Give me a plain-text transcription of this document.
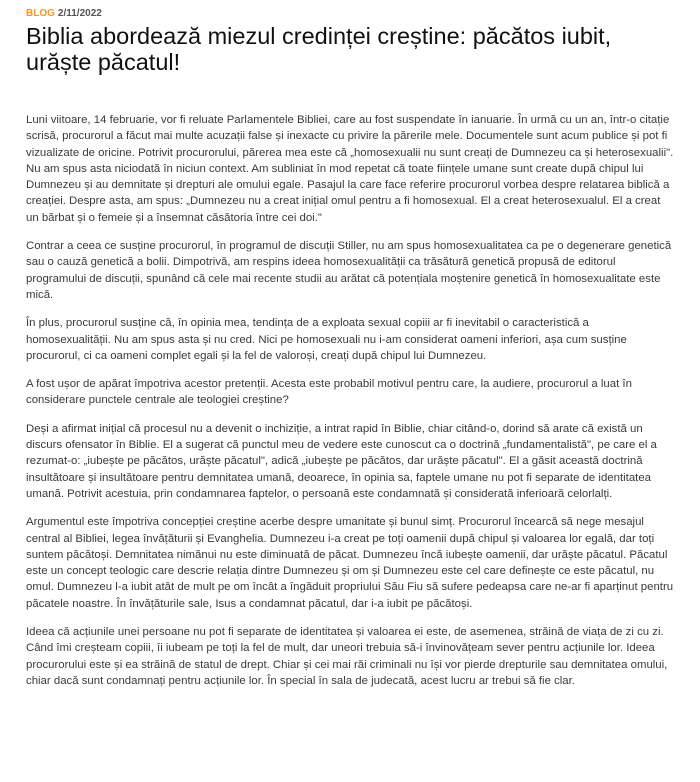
BLOG 2/11/2022
Biblia abordează miezul credinței creștine: păcătos iubit, urăște păcatul!

Luni viitoare, 14 februarie, vor fi reluate Parlamentele Bibliei, care au fost suspendate în ianuarie. În urmă cu un an, într-o citație scrisă, procurorul a făcut mai multe acuzații false și inexacte cu privire la părerile mele. Documentele sunt acum publice și pot fi vizualizate de oricine. Potrivit procurorului, părerea mea este că „homosexualii nu sunt creați de Dumnezeu ca și heterosexualii". Nu am spus asta niciodată în niciun context. Am subliniat în mod repetat că toate ființele umane sunt create după chipul lui Dumnezeu și au demnitate și drepturi ale omului egale. Pasajul la care face referire procurorul vorbea despre relatarea biblică a creației. Despre asta, am spus: „Dumnezeu nu a creat inițial omul pentru a fi homosexual. El a creat heterosexualul. El a creat un bărbat și o femeie și a însemnat căsătoria între cei doi."

Contrar a ceea ce susține procurorul, în programul de discuții Stiller, nu am spus homosexualitatea ca pe o degenerare genetică sau o cauză genetică a bolii. Dimpotrivă, am respins ideea homosexualității ca trăsătură genetică propusă de editorul programului de discuții, spunând că cele mai recente studii au arătat că potențiala moștenire genetică în homosexualitate este mică.

În plus, procurorul susține că, în opinia mea, tendința de a exploata sexual copiii ar fi inevitabil o caracteristică a homosexualității. Nu am spus asta și nu cred. Nici pe homosexuali nu i-am considerat oameni inferiori, așa cum susține procurorul, ci ca oameni complet egali și la fel de valoroși, creați după chipul lui Dumnezeu.

A fost ușor de apărat împotriva acestor pretenții. Acesta este probabil motivul pentru care, la audiere, procurorul a luat în considerare punctele centrale ale teologiei creștine?

Deși a afirmat inițial că procesul nu a devenit o inchiziție, a intrat rapid în Biblie, chiar citând-o, dorind să arate că există un discurs ofensator în Biblie. El a sugerat că punctul meu de vedere este cunoscut ca o doctrină „fundamentalistă", pe care el a rezumat-o: „iubește pe păcătos, urăște păcatul", adică „iubește pe păcătos, dar urăște păcatul". El a găsit această doctrină insultătoare și insultătoare pentru demnitatea umană, deoarece, în opinia sa, faptele umane nu pot fi separate de identitatea umană. Potrivit acestuia, prin condamnarea faptelor, o persoană este condamnată și considerată inferioară celorlalți.

Argumentul este împotriva concepției creștine acerbe despre umanitate și bunul simț. Procurorul încearcă să nege mesajul central al Bibliei, legea învățăturii și Evanghelia. Dumnezeu i-a creat pe toți oamenii după chipul și valoarea lor egală, dar toți suntem păcătoși. Demnitatea nimănui nu este diminuată de păcat. Dumnezeu încă iubește oamenii, dar urăște păcatul. Păcatul este un concept teologic care descrie relația dintre Dumnezeu și om și Dumnezeu este cel care definește ce este păcatul, nu omul. Dumnezeu l-a iubit atât de mult pe om încât a îngăduit propriului Său Fiu să sufere pedeapsa care ne-ar fi aparținut pentru păcatele noastre. În învățăturile sale, Isus a condamnat păcatul, dar i-a iubit pe păcătoși.

Ideea că acțiunile unei persoane nu pot fi separate de identitatea și valoarea ei este, de asemenea, străină de viața de zi cu zi. Când îmi creșteam copiii, îi iubeam pe toți la fel de mult, dar uneori trebuia să-i învinovățeam sever pentru acțiunile lor. Ideea procurorului este și ea străină de statul de drept. Chiar și cei mai răi criminali nu își vor pierde drepturile sau demnitatea omului, chiar dacă sunt condamnați pentru acțiunile lor. În special în sala de judecată, acest lucru ar trebui să fie clar.
